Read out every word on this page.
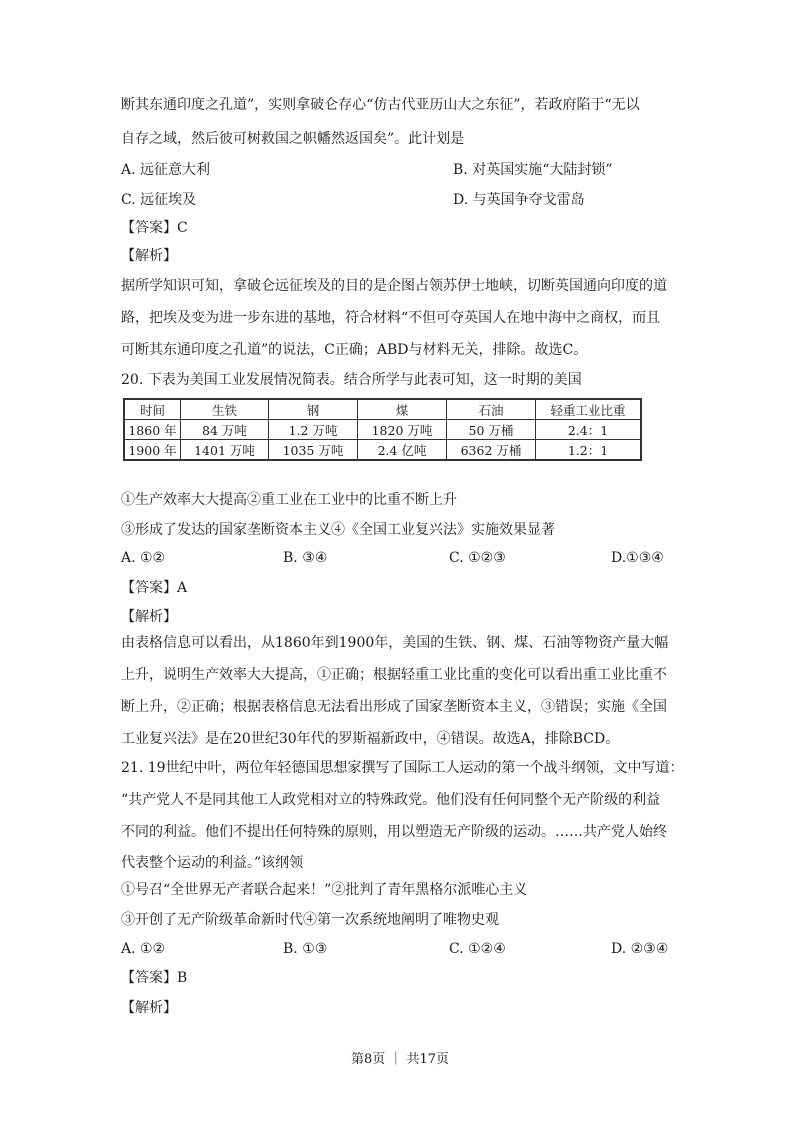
断其东通印度之孔道”，实则拿破仑存心“仿古代亚历山大之东征”，若政府陷于“无以
自存之域，然后彼可树救国之帜幡然返国矣”。此计划是
A. 远征意大利	B. 对英国实施“大陆封锁”
C. 远征埃及	D. 与英国争夺戈雷岛
【答案】C
【解析】
据所学知识可知，拿破仑远征埃及的目的是企图占领苏伊士地峡，切断英国通向印度的道
路，把埃及变为进一步东进的基地，符合材料“不但可夺英国人在地中海中之商权，而且
可断其东通印度之孔道”的说法，C正确；ABD与材料无关，排除。故选C。
20. 下表为美国工业发展情况简表。结合所学与此表可知，这一时期的美国
时间	生铁	钢	煤	石油	轻重工业比重
1860 年	84 万吨	1.2 万吨	1820 万吨	50 万桶	2.4：1
1900 年	1401 万吨	1035 万吨	2.4 亿吨	6362 万桶	1.2：1
①生产效率大大提高②重工业在工业中的比重不断上升
③形成了发达的国家垄断资本主义④《全国工业复兴法》实施效果显著
A. ①②	B. ③④	C. ①②③	D.①③④
【答案】A
【解析】
由表格信息可以看出，从1860年到1900年，美国的生铁、钢、煤、石油等物资产量大幅
上升，说明生产效率大大提高，①正确；根据轻重工业比重的变化可以看出重工业比重不
断上升，②正确；根据表格信息无法看出形成了国家垄断资本主义，③错误；实施《全国
工业复兴法》是在20世纪30年代的罗斯福新政中，④错误。故选A，排除BCD。
21. 19世纪中叶，两位年轻德国思想家撰写了国际工人运动的第一个战斗纲领，文中写道：
“共产党人不是同其他工人政党相对立的特殊政党。他们没有任何同整个无产阶级的利益
不同的利益。他们不提出任何特殊的原则，用以塑造无产阶级的运动。……共产党人始终
代表整个运动的利益。”该纲领
①号召“全世界无产者联合起来！”②批判了青年黑格尔派唯心主义
③开创了无产阶级革命新时代④第一次系统地阐明了唯物史观
A. ①②	B. ①③	C. ①②④	D. ②③④
【答案】B
【解析】
第8页 ｜ 共17页
